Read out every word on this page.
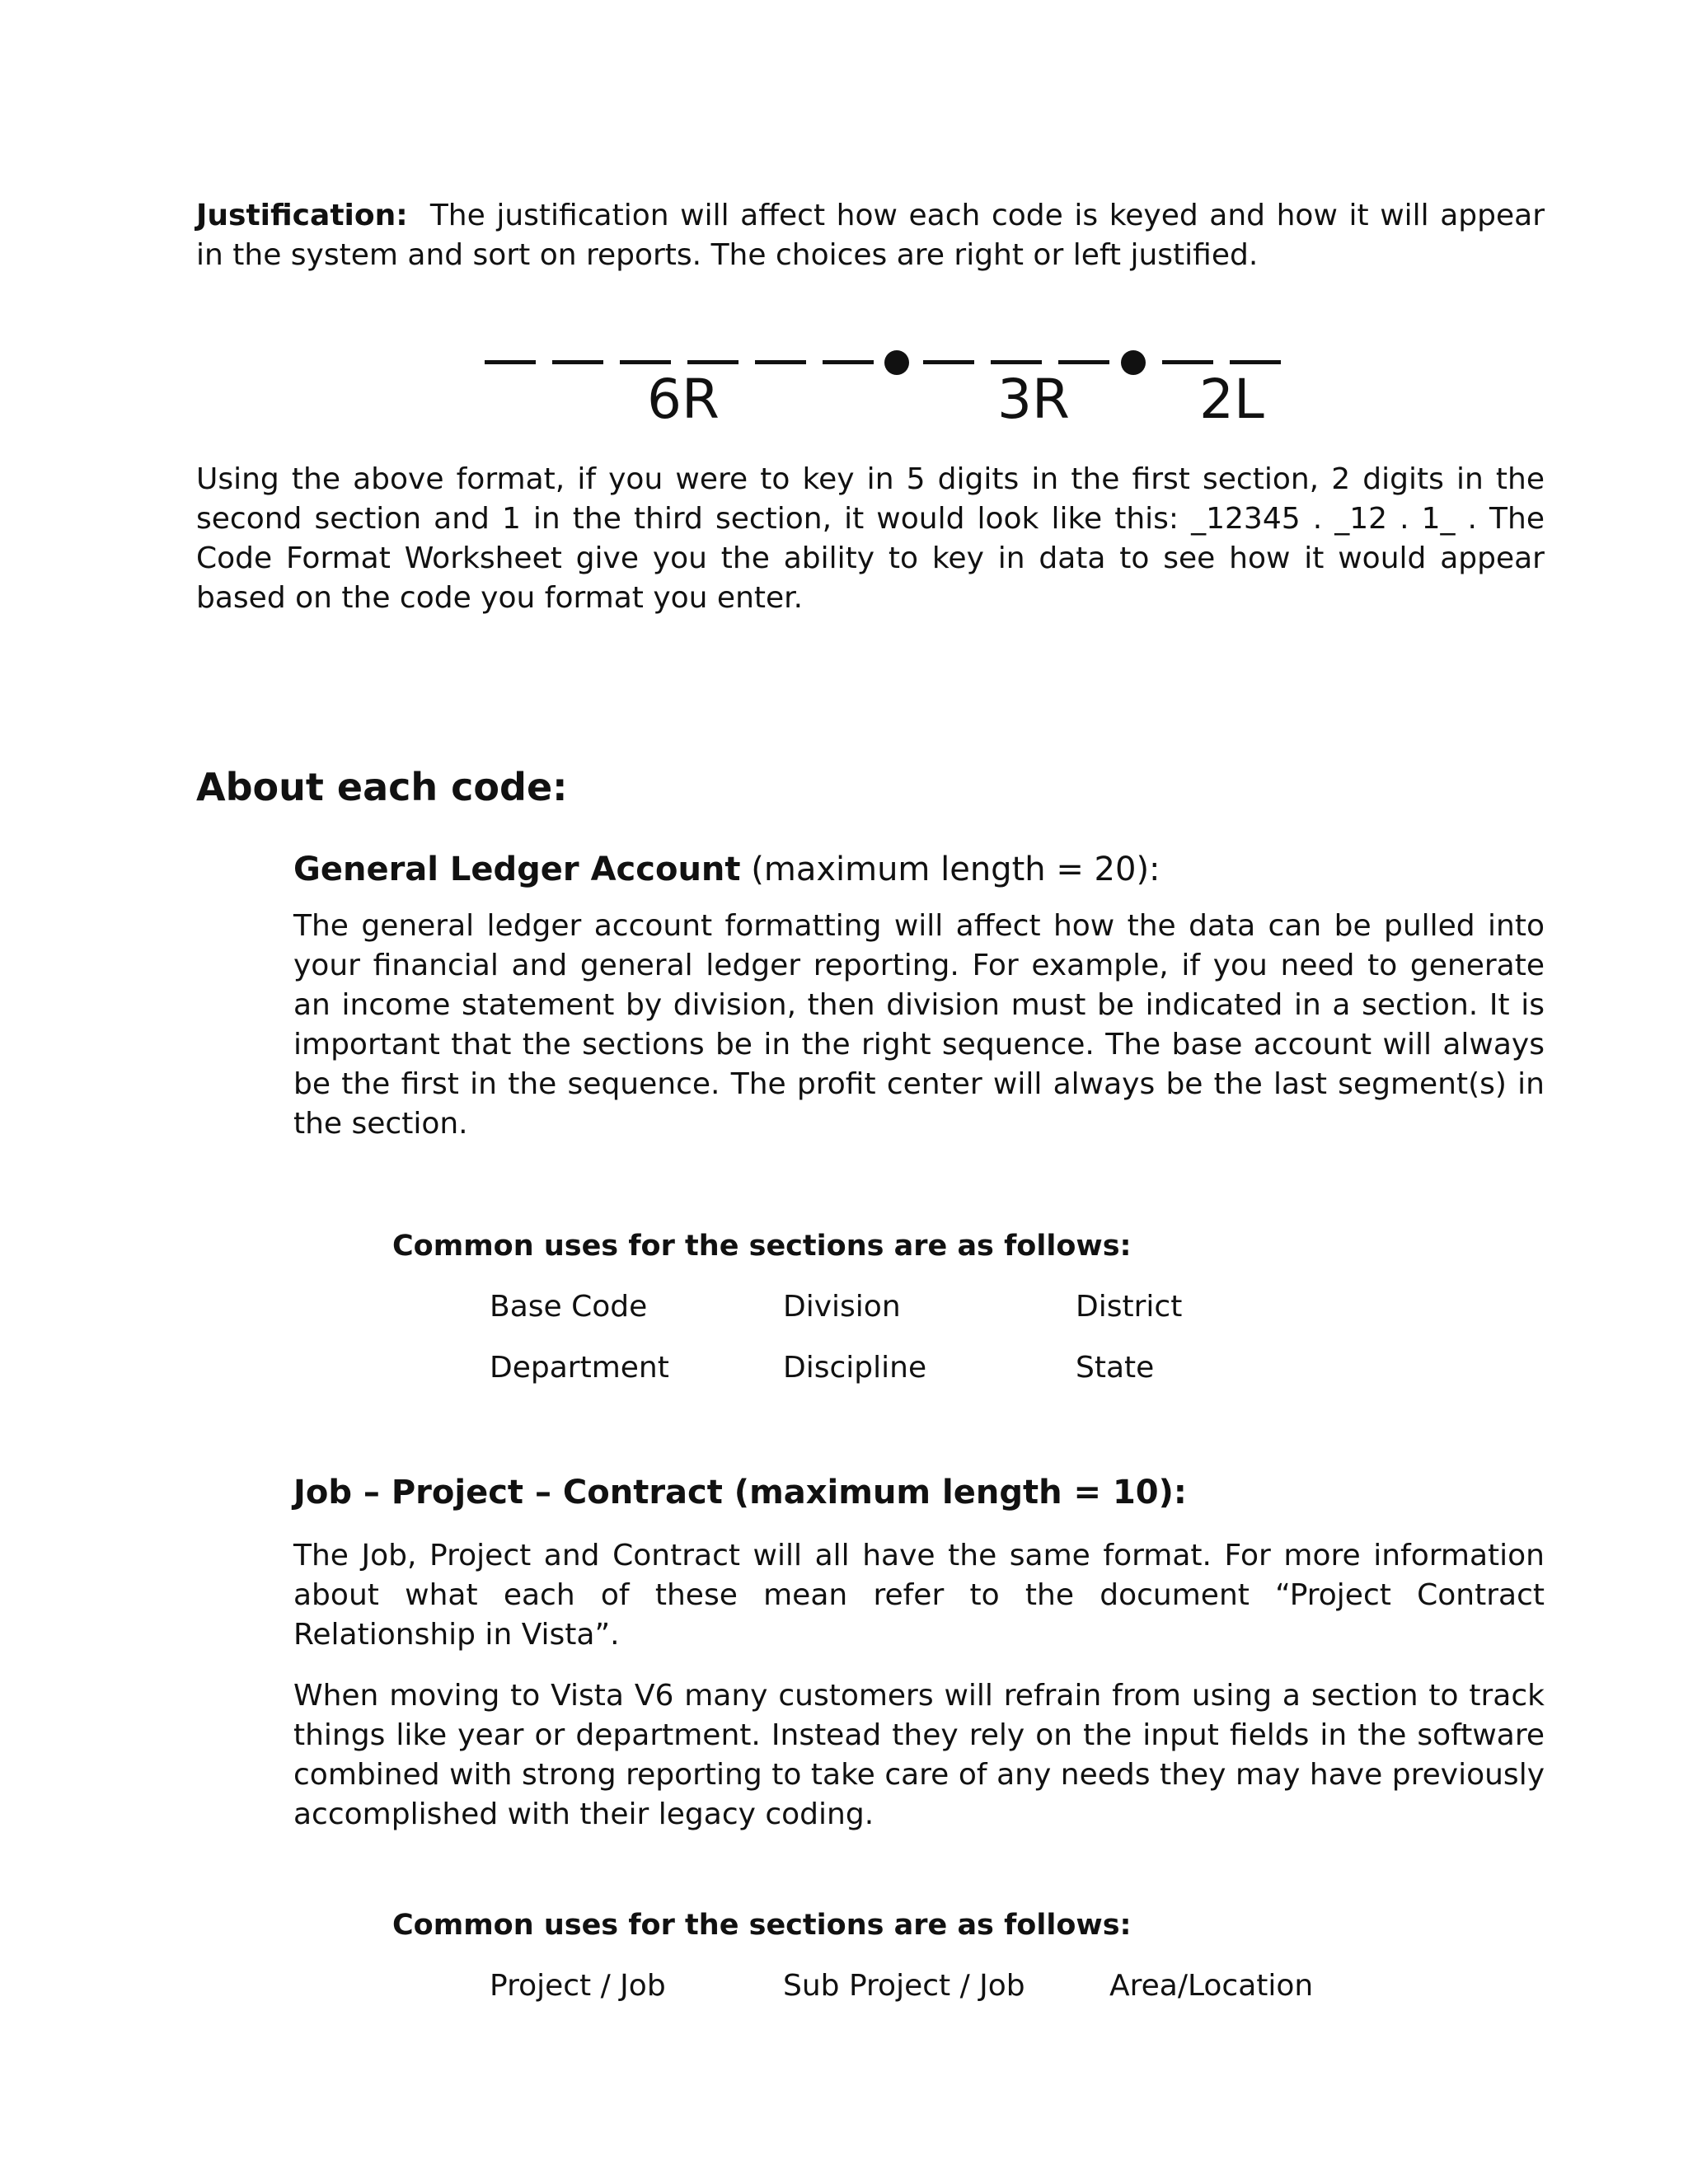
Justification: The justification will affect how each code is keyed and how it will appear in the system and sort on reports. The choices are right or left justified.

6R	3R 2L

Using the above format, if you were to key in 5 digits in the first section, 2 digits in the second section and 1 in the third section, it would look like this: _12345 . _12 . 1_ . The Code Format Worksheet give you the ability to key in data to see how it would appear based on the code you format you enter.

About each code:

General Ledger Account (maximum length = 20):

The general ledger account formatting will affect how the data can be pulled into your financial and general ledger reporting. For example, if you need to generate an income statement by division, then division must be indicated in a section. It is important that the sections be in the right sequence. The base account will always be the first in the sequence. The profit center will always be the last segment(s) in the section.

Common uses for the sections are as follows:

Base Code	Division	District
Department	Discipline	State

Job – Project – Contract (maximum length = 10):

The Job, Project and Contract will all have the same format. For more information about what each of these mean refer to the document “Project Contract Relationship in Vista”.

When moving to Vista V6 many customers will refrain from using a section to track things like year or department. Instead they rely on the input fields in the software combined with strong reporting to take care of any needs they may have previously accomplished with their legacy coding.

Common uses for the sections are as follows:

Project / Job	Sub Project / Job	Area/Location
